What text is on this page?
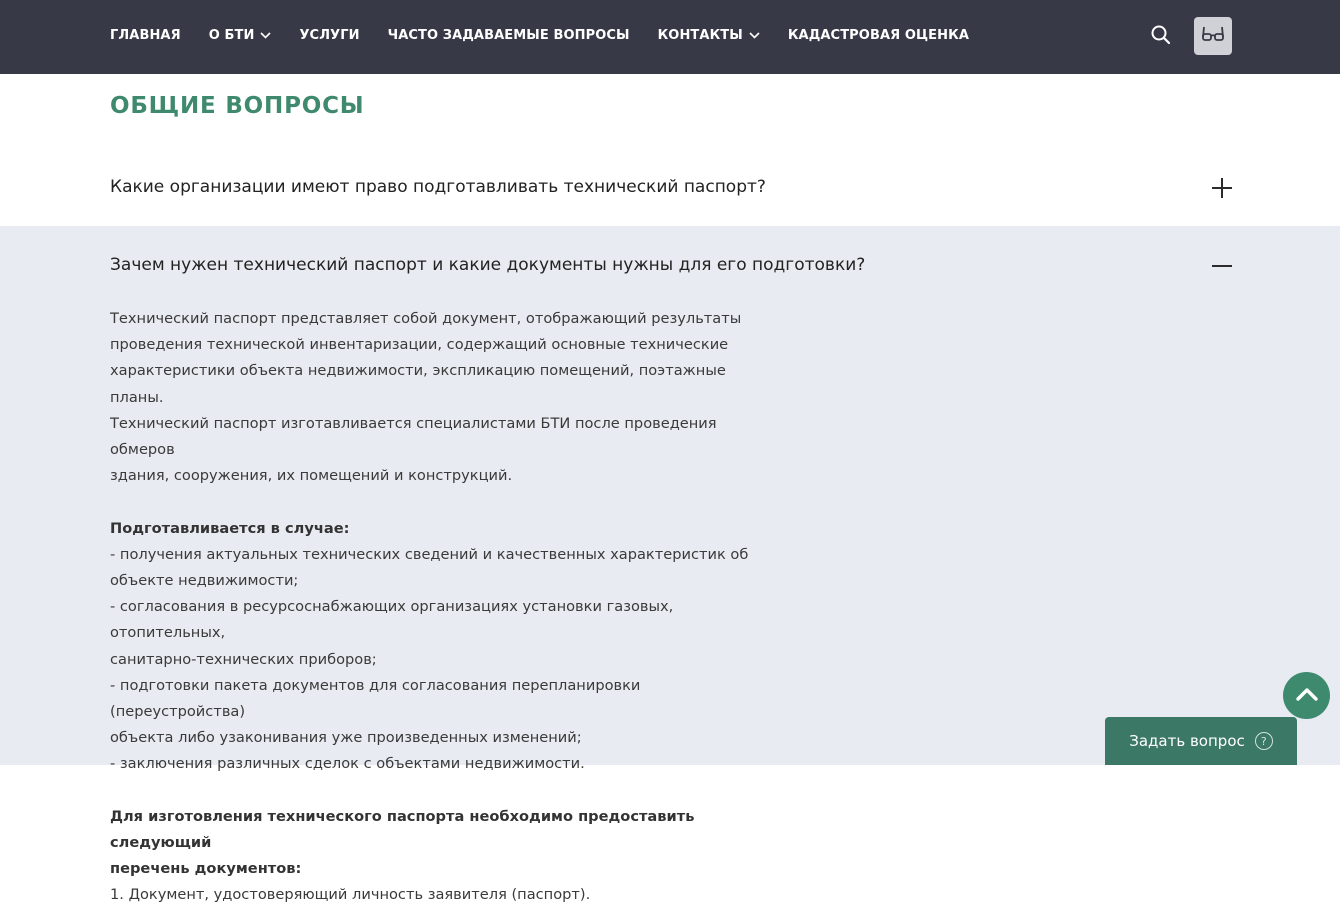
ГЛАВНАЯ О БТИ	УСЛУГИ ЧАСТО ЗАДАВАЕМЫЕ ВОПРОСЫ КОНТАКТЫ	КАДАСТРОВАЯ ОЦЕНКА
ОБЩИЕ ВОПРОСЫ
Какие организации имеют право подготавливать технический паспорт?
Зачем нужен технический паспорт и какие документы нужны для его подготовки?

Технический паспорт представляет собой документ, отображающий результаты

проведения технической инвентаризации, содержащий основные технические

характеристики объекта недвижимости, экспликацию помещений, поэтажные планы.

Технический паспорт изготавливается специалистами БТИ после проведения обмеров

здания, сооружения, их помещений и конструкций.

Подготавливается в случае:

- получения актуальных технических сведений и качественных характеристик об

объекте недвижимости;

- согласования в ресурсоснабжающих организациях установки газовых, отопительных,

санитарно-технических приборов;

- подготовки пакета документов для согласования перепланировки (переустройства)

объекта либо узаконивания уже произведенных изменений;

- заключения различных сделок с объектами недвижимости.

Для изготовления технического паспорта необходимо предоставить следующий

перечень документов:

1. Документ, удостоверяющий личность заявителя (паспорт).

Задать вопрос	?
